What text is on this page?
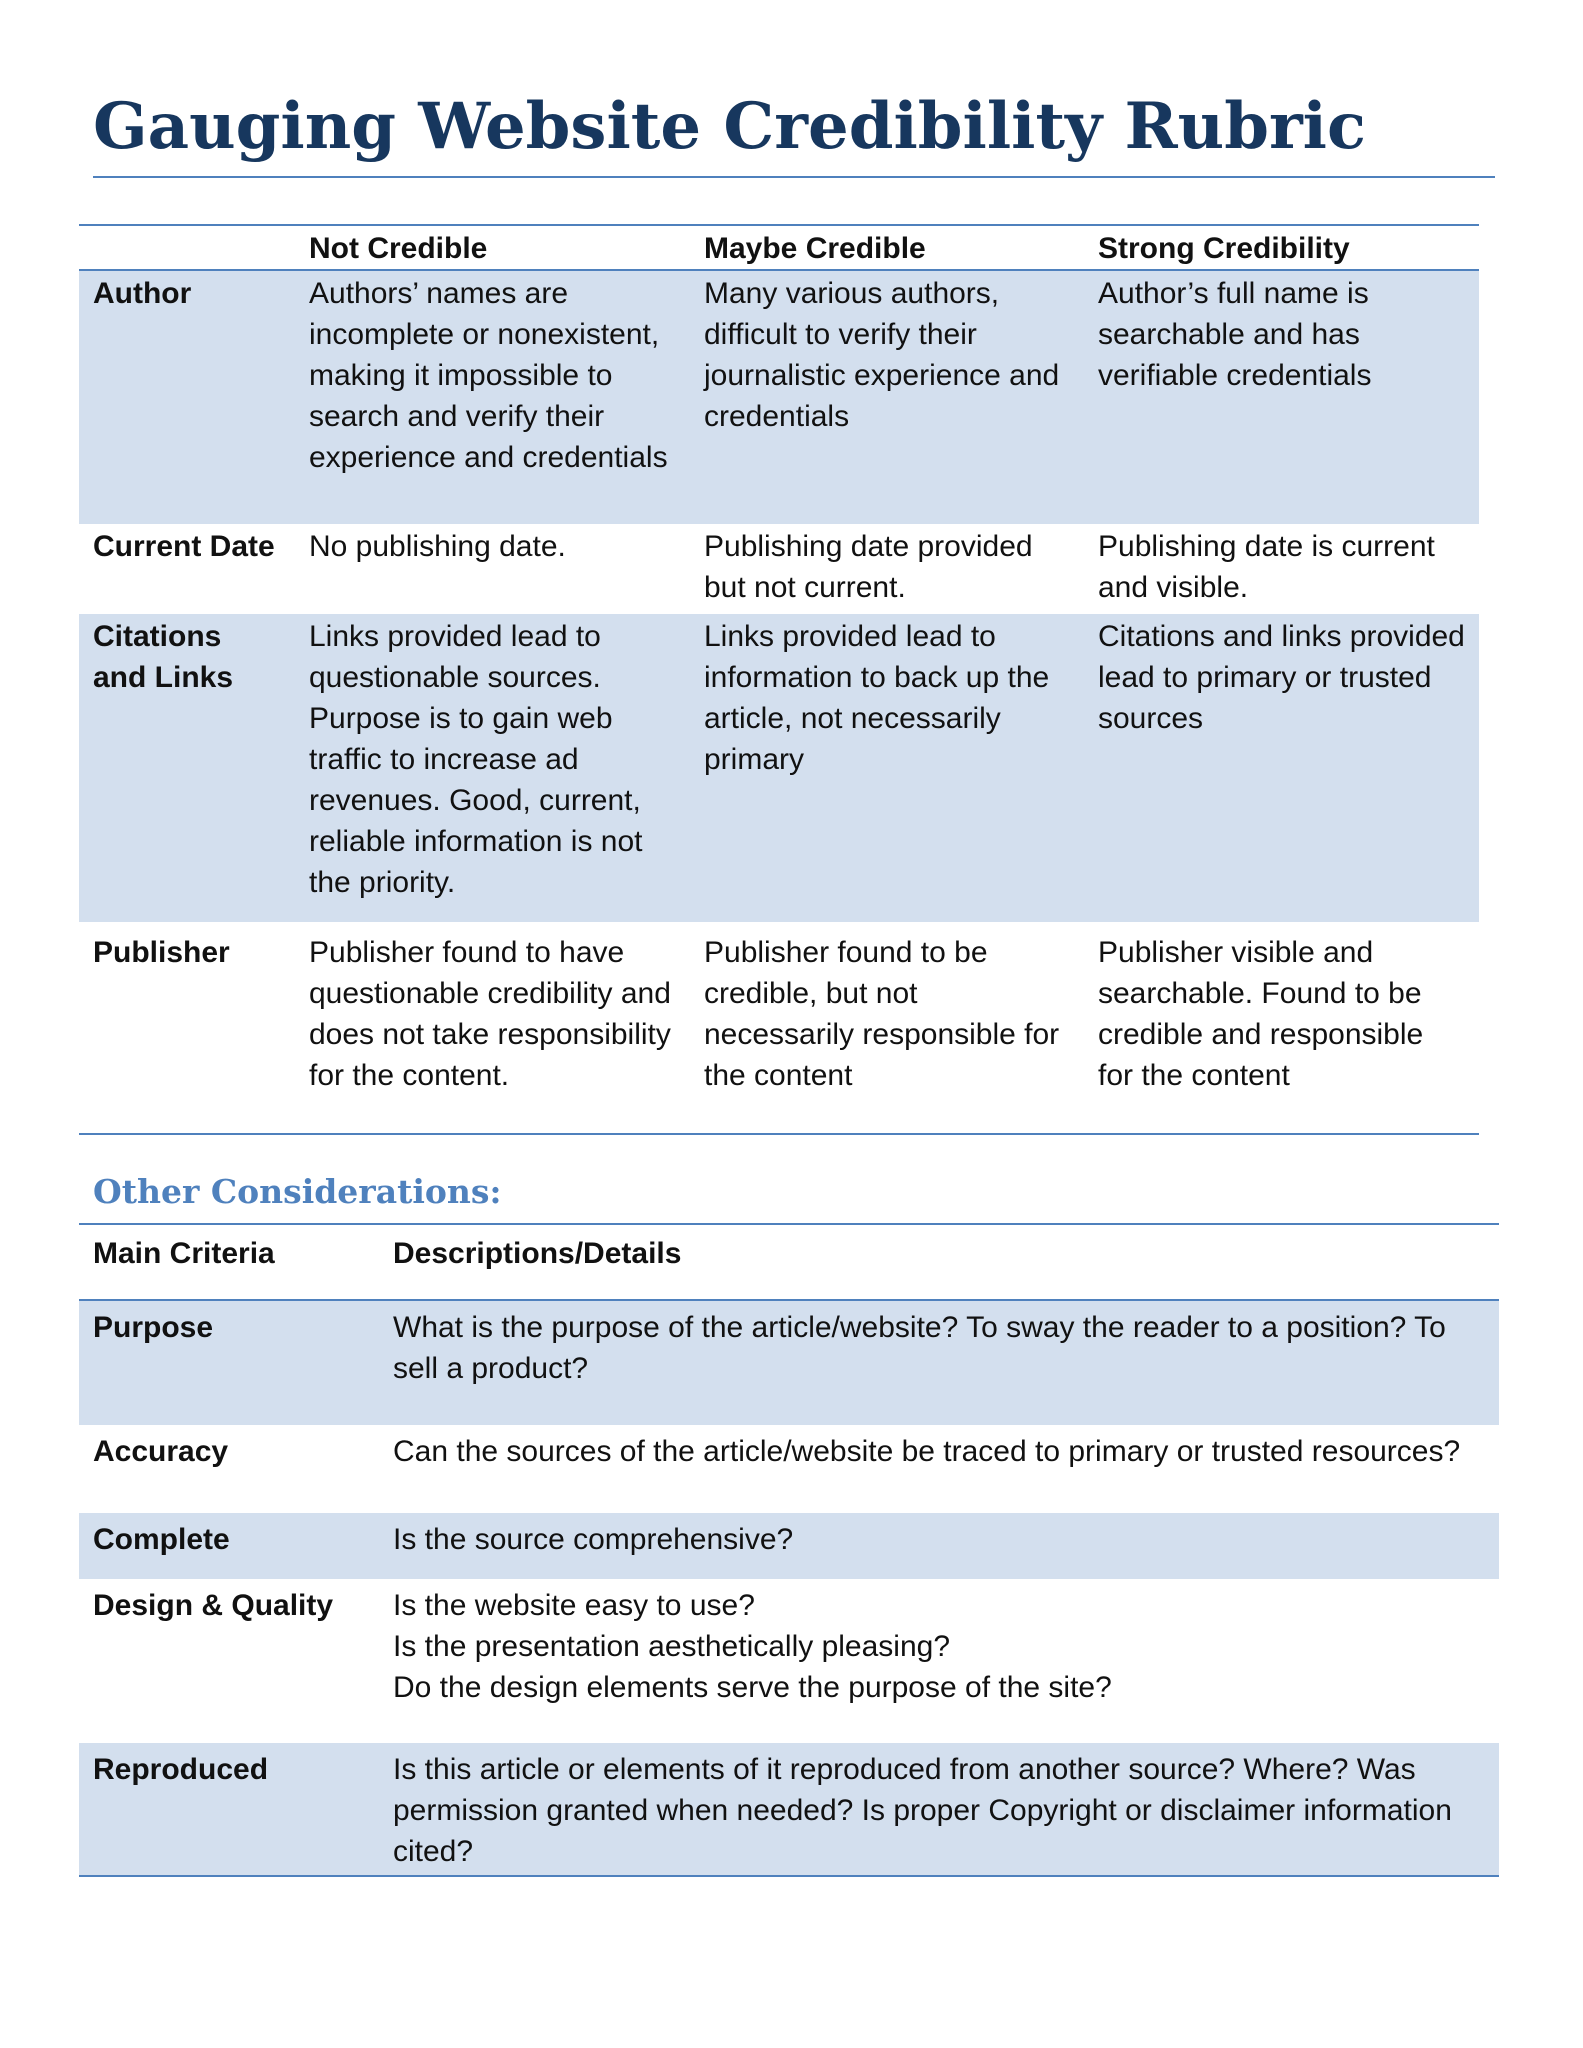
Gauging Website Credibility Rubric
	Not Credible	Maybe Credible	Strong Credibility
Author	Authors’ names are incomplete or nonexistent, making it impossible to search and verify their experience and credentials	Many various authors, difficult to verify their journalistic experience and credentials	Author’s full name is searchable and has verifiable credentials
Current Date	No publishing date.	Publishing date provided but not current.	Publishing date is current and visible.
Citations and Links	Links provided lead to questionable sources. Purpose is to gain web traffic to increase ad revenues. Good, current, reliable information is not the priority.	Links provided lead to information to back up the article, not necessarily primary	Citations and links provided lead to primary or trusted sources
Publisher	Publisher found to have questionable credibility and does not take responsibility for the content.	Publisher found to be credible, but not necessarily responsible for the content	Publisher visible and searchable. Found to be credible and responsible for the content
Other Considerations:
Main Criteria	Descriptions/Details
Purpose	What is the purpose of the article/website? To sway the reader to a position? To sell a product?

Accuracy	Can the sources of the article/website be traced to primary or trusted resources?

Complete	Is the source comprehensive?

Design & Quality	Is the website easy to use?
Is the presentation aesthetically pleasing?
Do the design elements serve the purpose of the site?

Reproduced	Is this article or elements of it reproduced from another source? Where? Was permission granted when needed? Is proper Copyright or disclaimer information cited?
